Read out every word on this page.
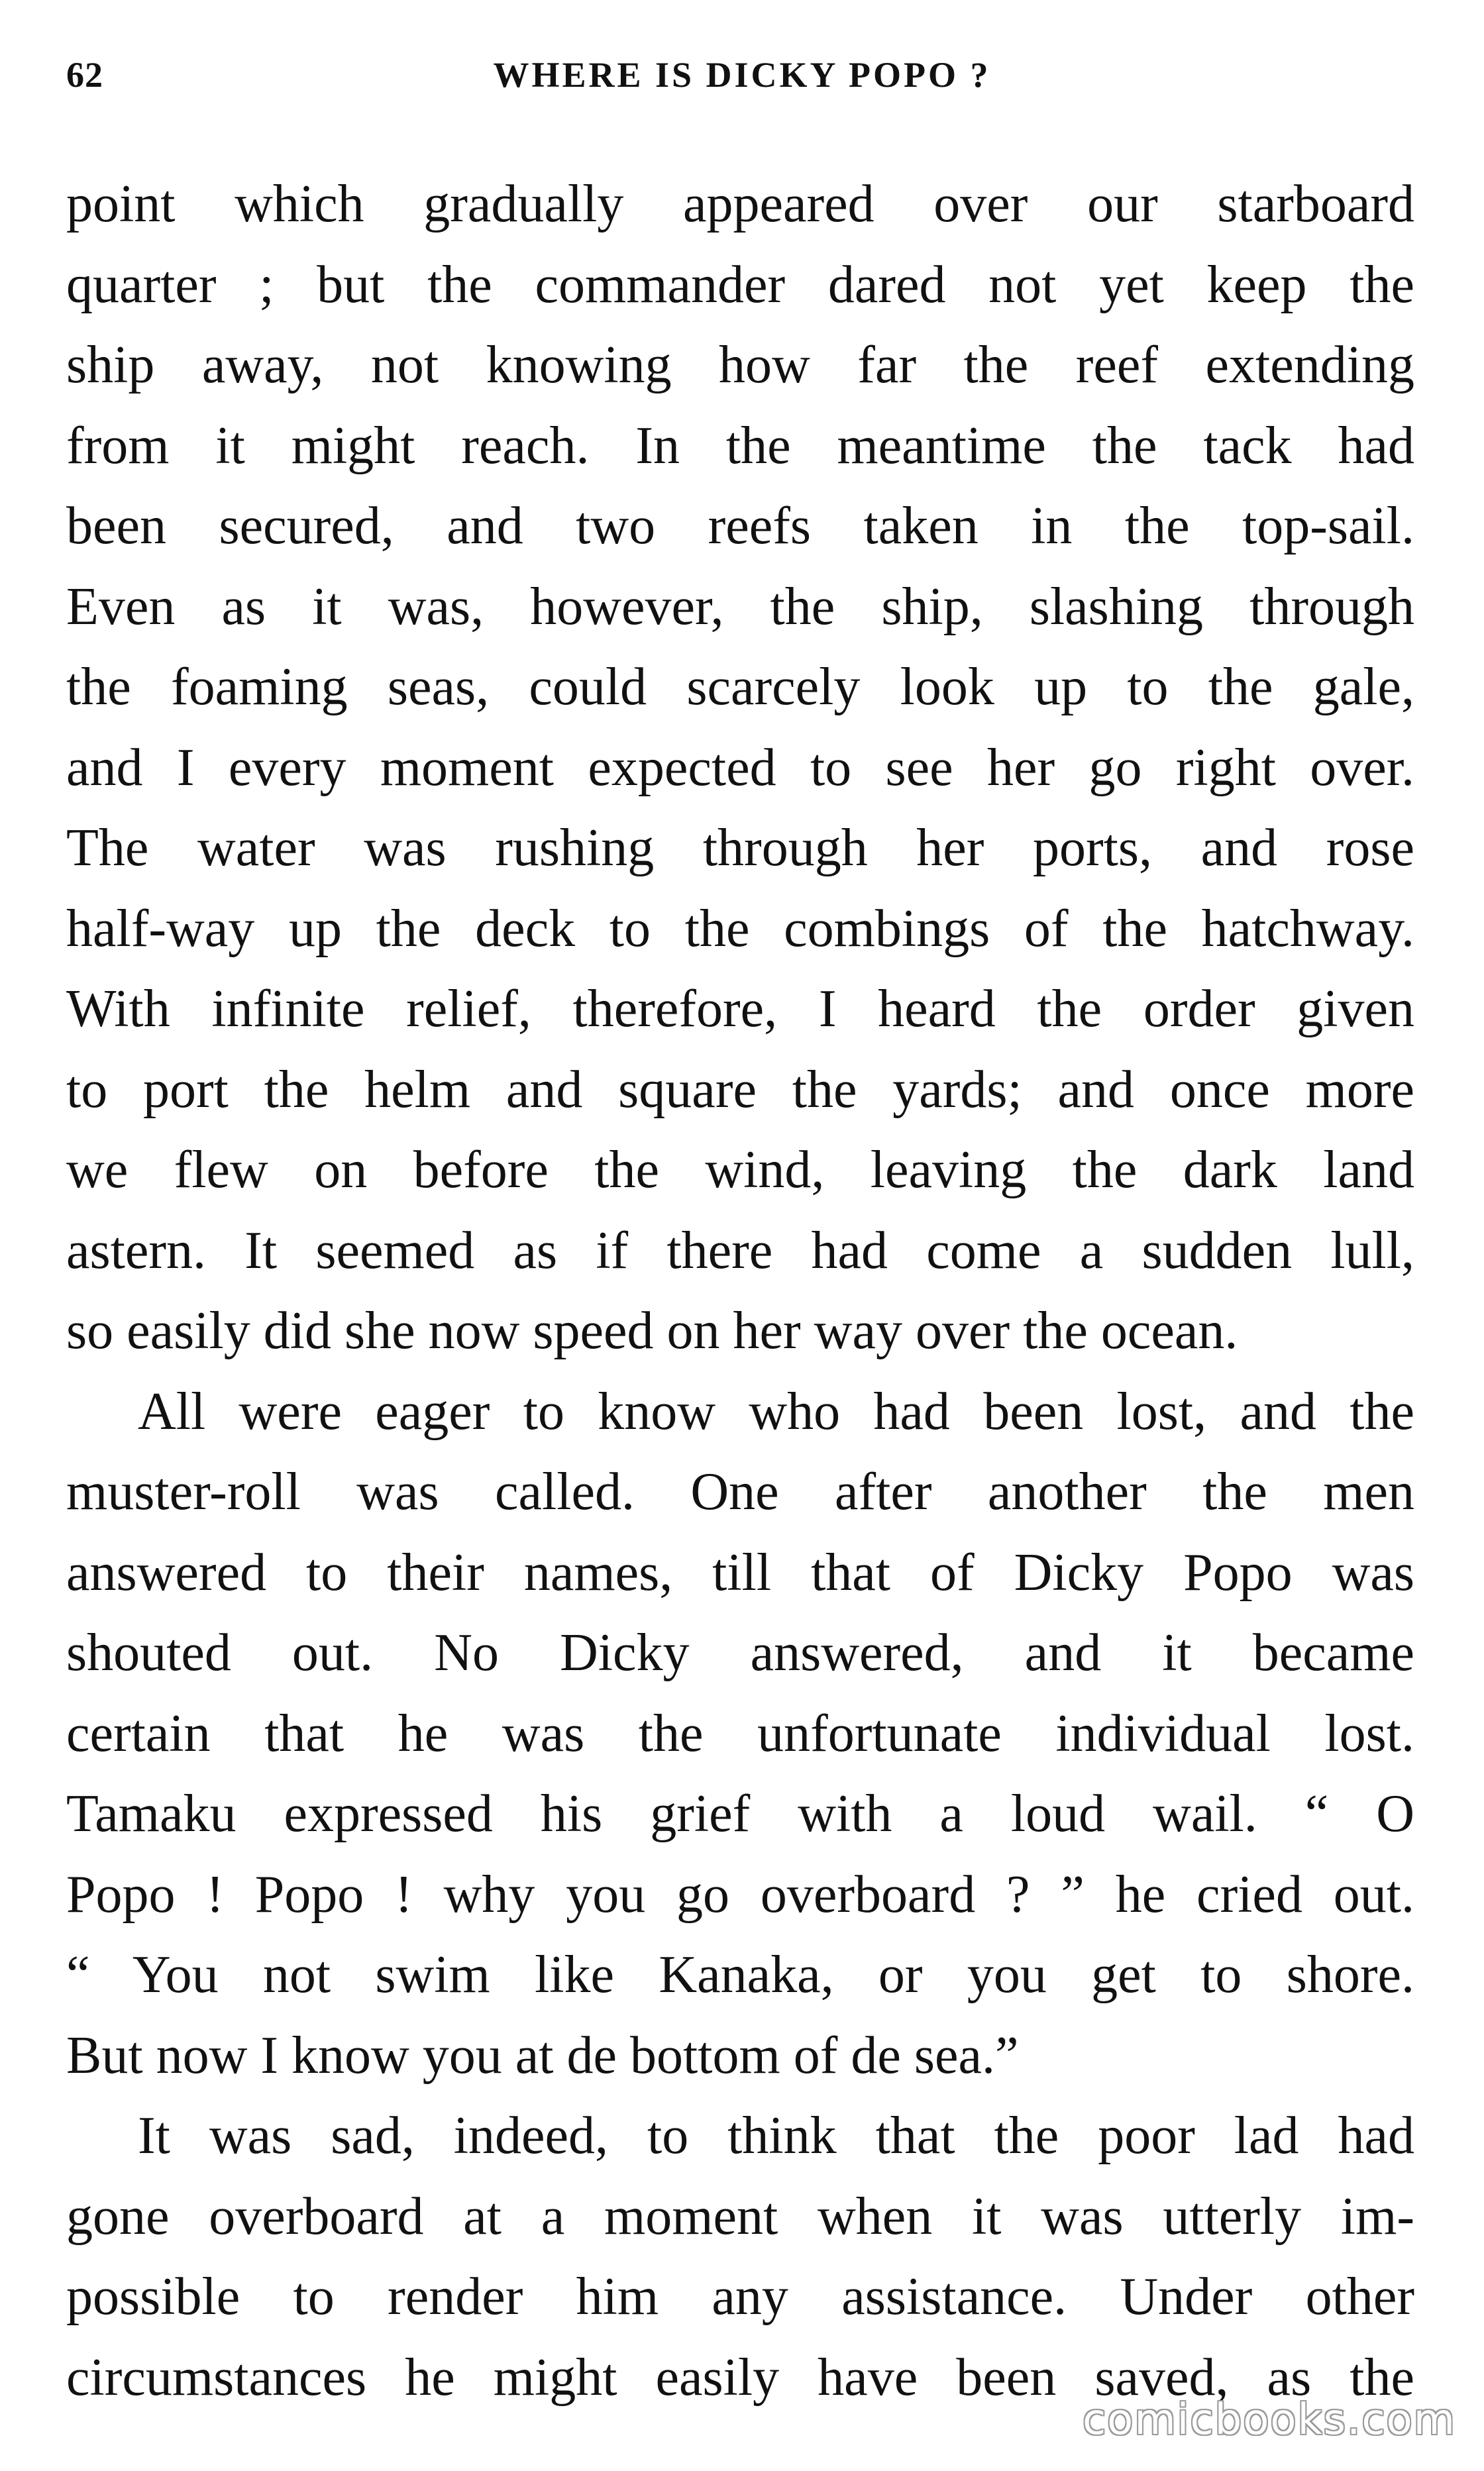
62	WHERE IS DICKY POPO ?
point which gradually appeared over our starboard
quarter ; but the commander dared not yet keep the
ship away, not knowing how far the reef extending
from it might reach. In the meantime the tack had
been secured, and two reefs taken in the top-sail.
Even as it was, however, the ship, slashing through
the foaming seas, could scarcely look up to the gale,
and I every moment expected to see her go right over.
The water was rushing through her ports, and rose
half-way up the deck to the combings of the hatchway.
With infinite relief, therefore, I heard the order given
to port the helm and square the yards; and once more
we flew on before the wind, leaving the dark land
astern. It seemed as if there had come a sudden lull,
so easily did she now speed on her way over the ocean.
All were eager to know who had been lost, and the
muster-roll was called. One after another the men
answered to their names, till that of Dicky Popo was
shouted out. No Dicky answered, and it became
certain that he was the unfortunate individual lost.
Tamaku expressed his grief with a loud wail. “ O
Popo ! Popo ! why you go overboard ? ” he cried out.
“ You not swim like Kanaka, or you get to shore.
But now I know you at de bottom of de sea.”
It was sad, indeed, to think that the poor lad had
gone overboard at a moment when it was utterly im-
possible to render him any assistance. Under other
circumstances he might easily have been saved, as the
comicbooks.com
